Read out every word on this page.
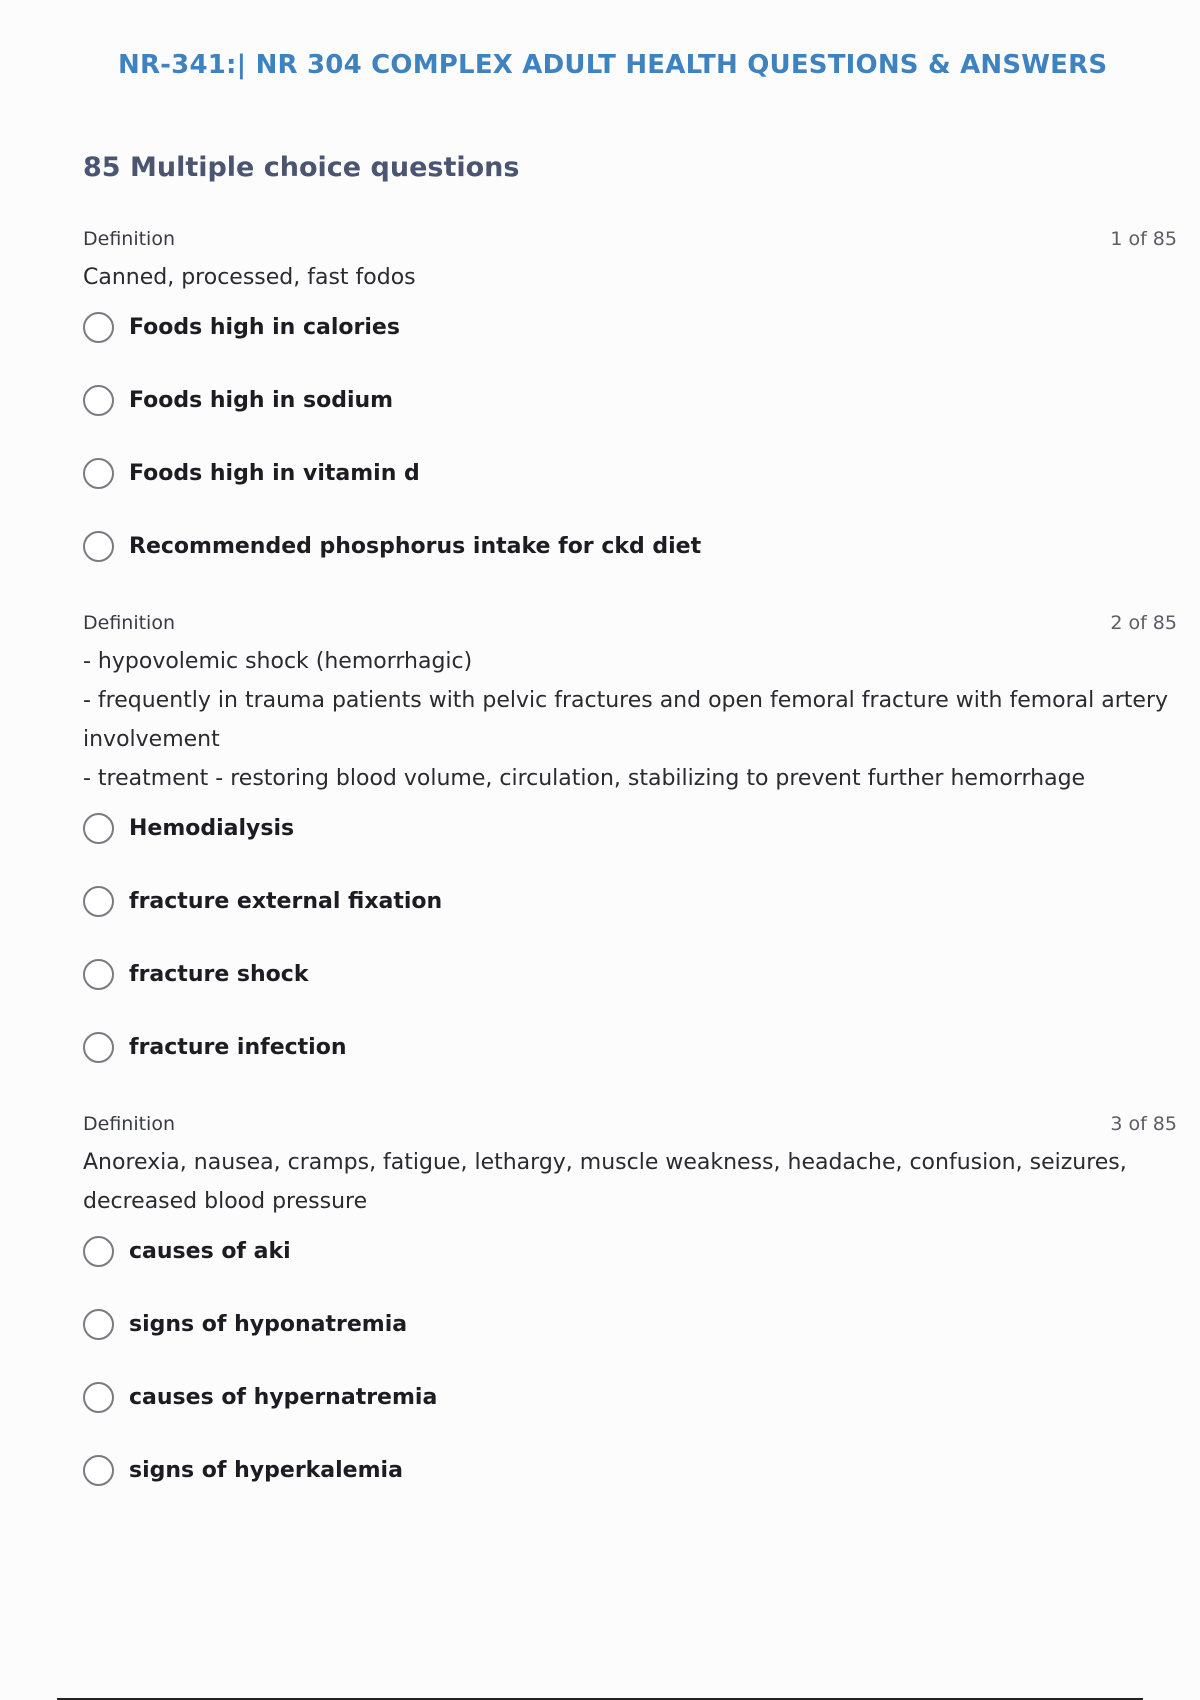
NR-341:| NR 304 COMPLEX ADULT HEALTH QUESTIONS & ANSWERS
85 Multiple choice questions
Definition	1 of 85
Canned, processed, fast fodos
Foods high in calories
Foods high in sodium
Foods high in vitamin d
Recommended phosphorus intake for ckd diet
Definition	2 of 85
- hypovolemic shock (hemorrhagic)
- frequently in trauma patients with pelvic fractures and open femoral fracture with femoral artery involvement
- treatment - restoring blood volume, circulation, stabilizing to prevent further hemorrhage
Hemodialysis
fracture external fixation
fracture shock
fracture infection
Definition	3 of 85
Anorexia, nausea, cramps, fatigue, lethargy, muscle weakness, headache, confusion, seizures, decreased blood pressure
causes of aki
signs of hyponatremia
causes of hypernatremia
signs of hyperkalemia
